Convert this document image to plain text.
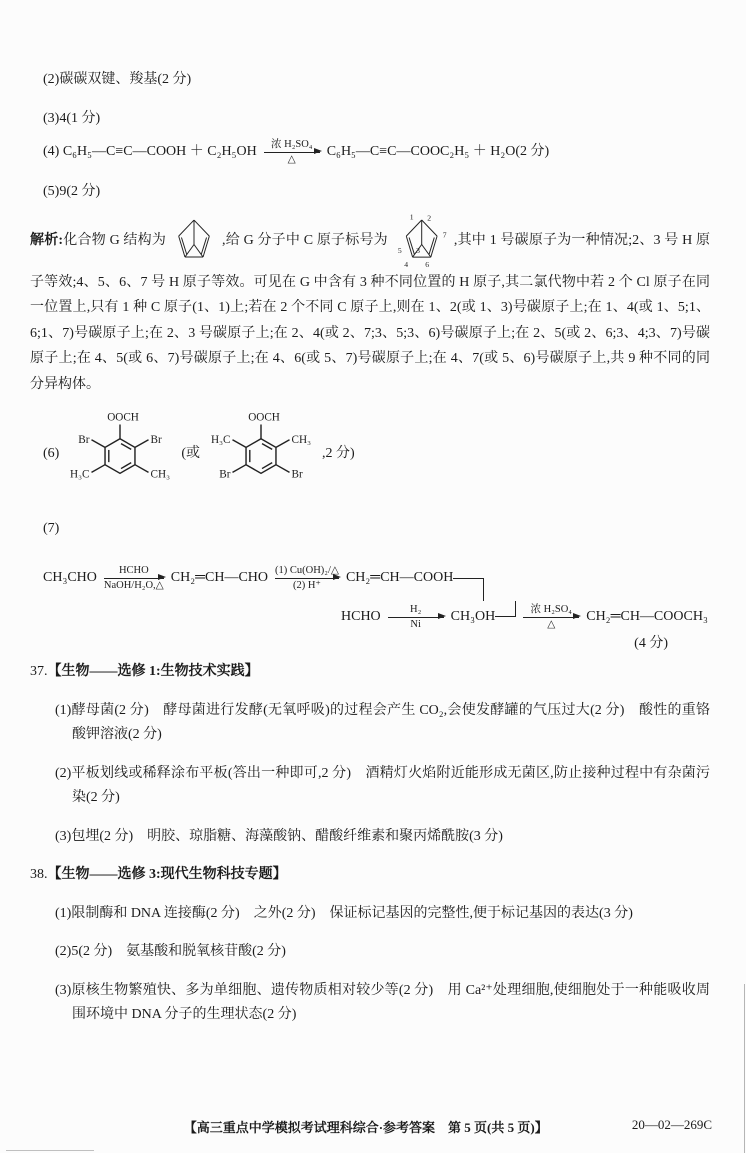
(2)碳碳双键、羧基(2 分)

(3)4(1 分)

(4)
C₆H₅—C≡C—COOH ＋ C₂H₅OH 浓 H₂SO₄
△
C₆H₅—C≡C—COOC₂H₅ ＋ H₂O(2 分)

(5)9(2 分)

解析:化合物 G 结构为	,给 G 分子中 C 原子标号为
1 2
7
5 3
4 6
,其中 1 号碳原子为一种情况;2、3 号 H 原子等效;4、5、6、7 号 H 原子等效。可见在 G 中含有 3 种不同位置的 H 原子,其二氯代物中若 2 个 Cl 原子在同一位置上,只有 1 种 C 原子(1、1)上;若在 2 个不同 C 原子上,则在 1、2(或 1、3)号碳原子上;在 1、4(或 1、5;1、6;1、7)号碳原子上;在 2、3 号碳原子上;在 2、4(或 2、7;3、5;3、6)号碳原子上;在 2、5(或 2、6;3、4;3、7)号碳原子上;在 4、5(或 6、7)号碳原子上;在 4、6(或 5、7)号碳原子上;在 4、7(或 5、6)号碳原子上,共 9 种不同的同分异构体。
(6)
OOCH
Br	Br
H₃C	CH₃
(或
OOCH
H₃C	CH₃
Br	Br
,2 分)

(7)

CH₃CHO HCHO
NaOH/H₂O,△
CH₂═CH—CHO (1) Cu(OH)₂/△
(2) H⁺
CH₂═CH—COOH
HCHO	H₂
Ni
CH₃OH	浓 H₂SO₄
△
CH₂═CH—COOCH₃

(4 分)

37.【生物——选修 1:生物技术实践】

(1)酵母菌(2 分)　酵母菌进行发酵(无氧呼吸)的过程会产生 CO₂,会使发酵罐的气压过大(2 分)　酸性的重铬酸钾溶液(2 分)

(2)平板划线或稀释涂布平板(答出一种即可,2 分)　酒精灯火焰附近能形成无菌区,防止接种过程中有杂菌污染(2 分)

(3)包埋(2 分)　明胶、琼脂糖、海藻酸钠、醋酸纤维素和聚丙烯酰胺(3 分)

38.【生物——选修 3:现代生物科技专题】

(1)限制酶和 DNA 连接酶(2 分)　之外(2 分)　保证标记基因的完整性,便于标记基因的表达(3 分)

(2)5(2 分)　氨基酸和脱氧核苷酸(2 分)

(3)原核生物繁殖快、多为单细胞、遗传物质相对较少等(2 分)　用 Ca²⁺处理细胞,使细胞处于一种能吸收周围环境中 DNA 分子的生理状态(2 分)

【高三重点中学模拟考试理科综合·参考答案　第 5 页(共 5 页)】	20—02—269C
